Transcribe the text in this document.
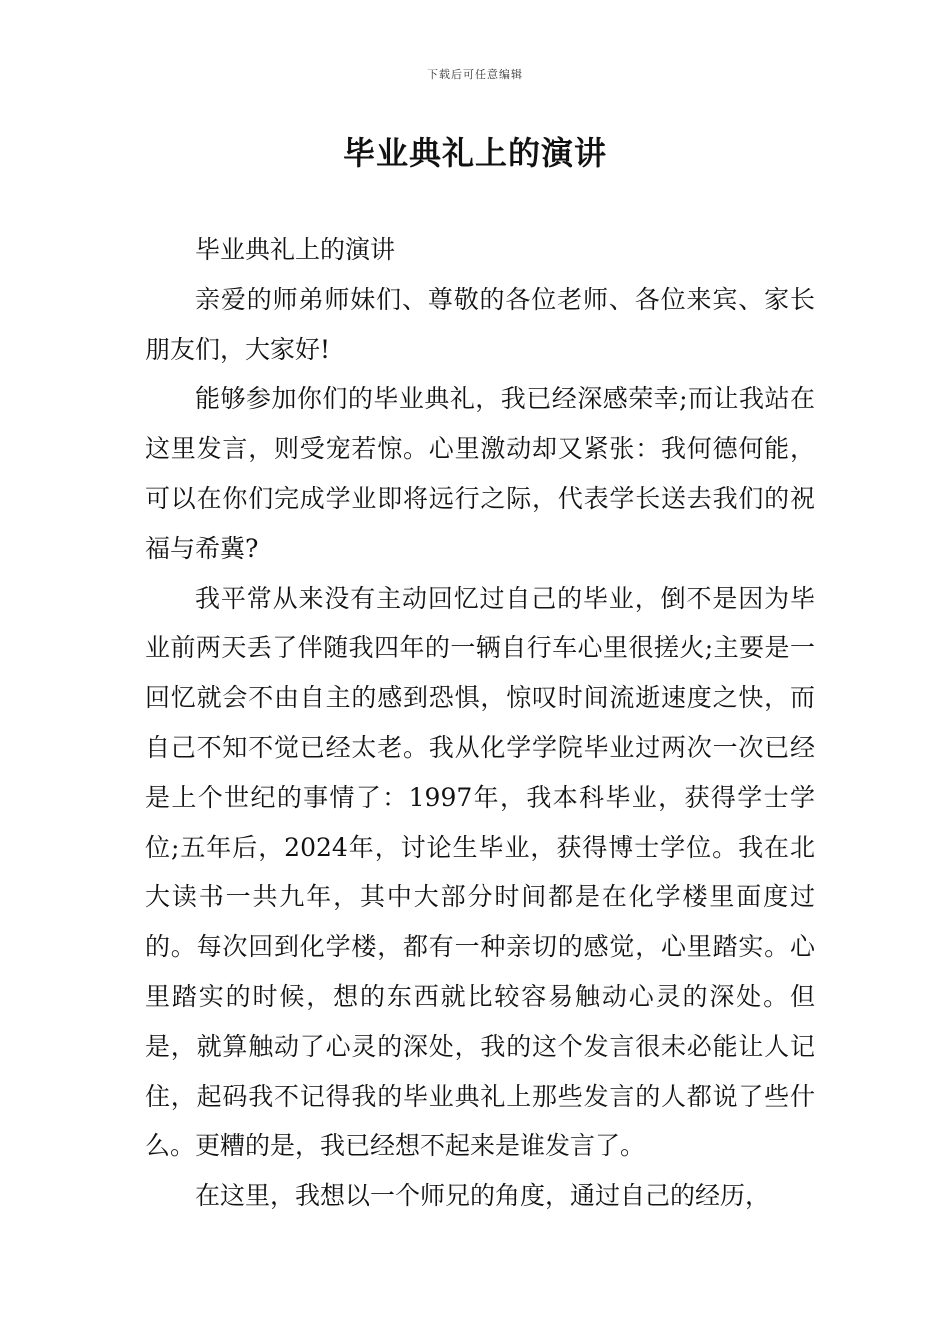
下载后可任意编辑
毕业典礼上的演讲

毕业典礼上的演讲

亲爱的师弟师妹们、尊敬的各位老师、各位来宾、家长朋友们，大家好!

能够参加你们的毕业典礼，我已经深感荣幸;而让我站在这里发言，则受宠若惊。心里激动却又紧张：我何德何能，可以在你们完成学业即将远行之际，代表学长送去我们的祝福与希冀?

我平常从来没有主动回忆过自己的毕业，倒不是因为毕业前两天丢了伴随我四年的一辆自行车心里很搓火;主要是一回忆就会不由自主的感到恐惧，惊叹时间流逝速度之快，而自己不知不觉已经太老。我从化学学院毕业过两次一次已经是上个世纪的事情了：1997年，我本科毕业，获得学士学位;五年后，2024年，讨论生毕业，获得博士学位。我在北大读书一共九年，其中大部分时间都是在化学楼里面度过的。每次回到化学楼，都有一种亲切的感觉，心里踏实。心里踏实的时候，想的东西就比较容易触动心灵的深处。但是，就算触动了心灵的深处，我的这个发言很未必能让人记住，起码我不记得我的毕业典礼上那些发言的人都说了些什么。更糟的是，我已经想不起来是谁发言了。

在这里，我想以一个师兄的角度，通过自己的经历，
